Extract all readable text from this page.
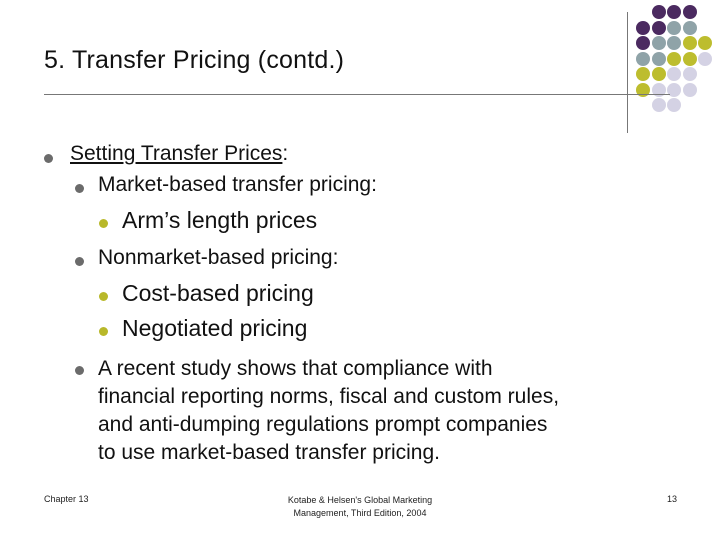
5. Transfer Pricing (contd.)
Setting Transfer Prices:
Market-based transfer pricing:
Arm’s length prices
Nonmarket-based pricing:
Cost-based pricing
Negotiated pricing
A recent study shows that compliance with
financial reporting norms, fiscal and custom rules,
and anti-dumping regulations prompt companies
to use market-based transfer pricing.
Chapter 13	Kotabe & Helsen's Global Marketing
Management, Third Edition, 2004
13
